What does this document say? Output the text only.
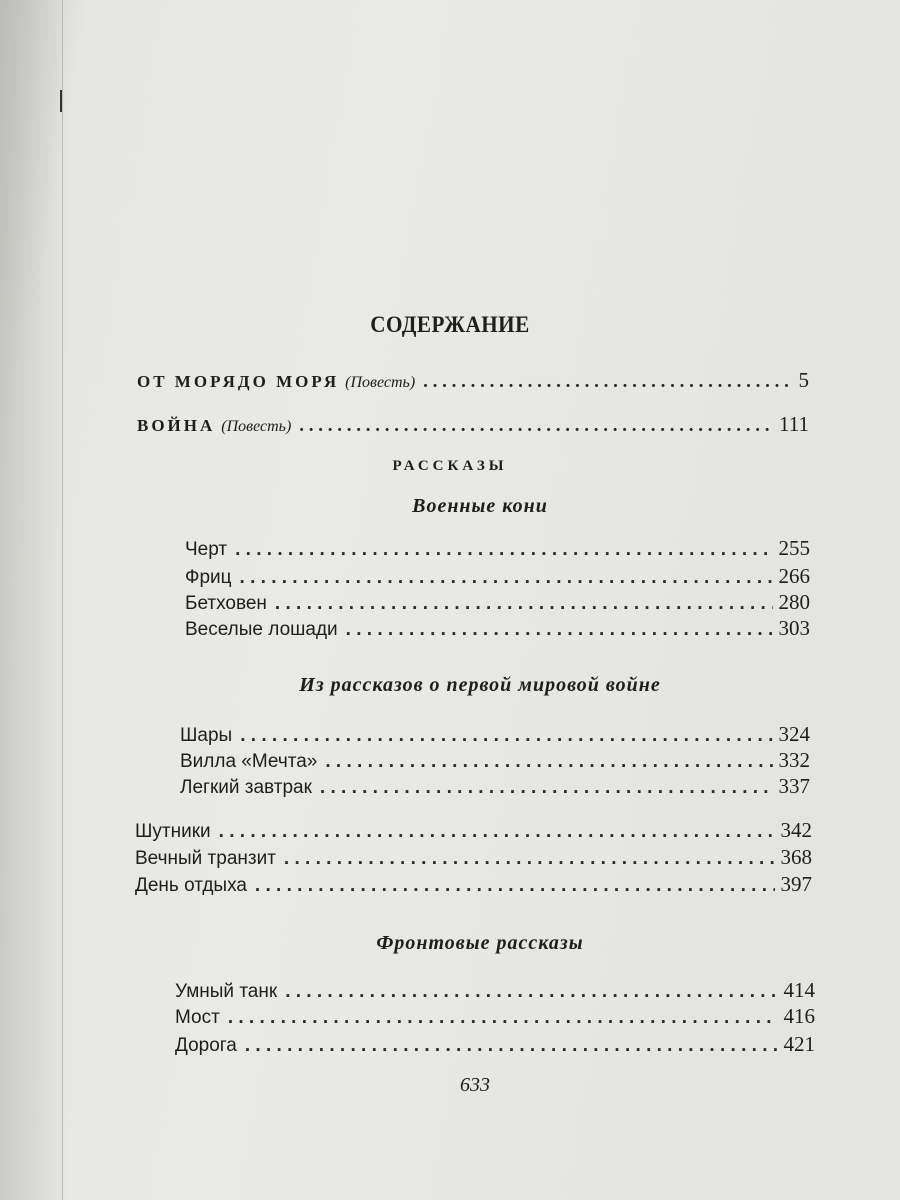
СОДЕРЖАНИЕ
ОТ МОРЯДО МОРЯ (Повесть) . . .	5
ВОЙНА (Повесть) . . .	111
РАССКАЗЫ
Военные кони
Черт . . .	255
Фриц . . .	266
Бетховен . . .	280
Веселые лошади . . .	303
Из рассказов о первой мировой войне
Шары . . .	324
Вилла «Мечта» . . .	332
Легкий завтрак . . .	337
Шутники . . .	342
Вечный транзит . . .	368
День отдыха . . .	397
Фронтовые рассказы
Умный танк . . .	414
Мост . . .	416
Дорога . . .	421
633
